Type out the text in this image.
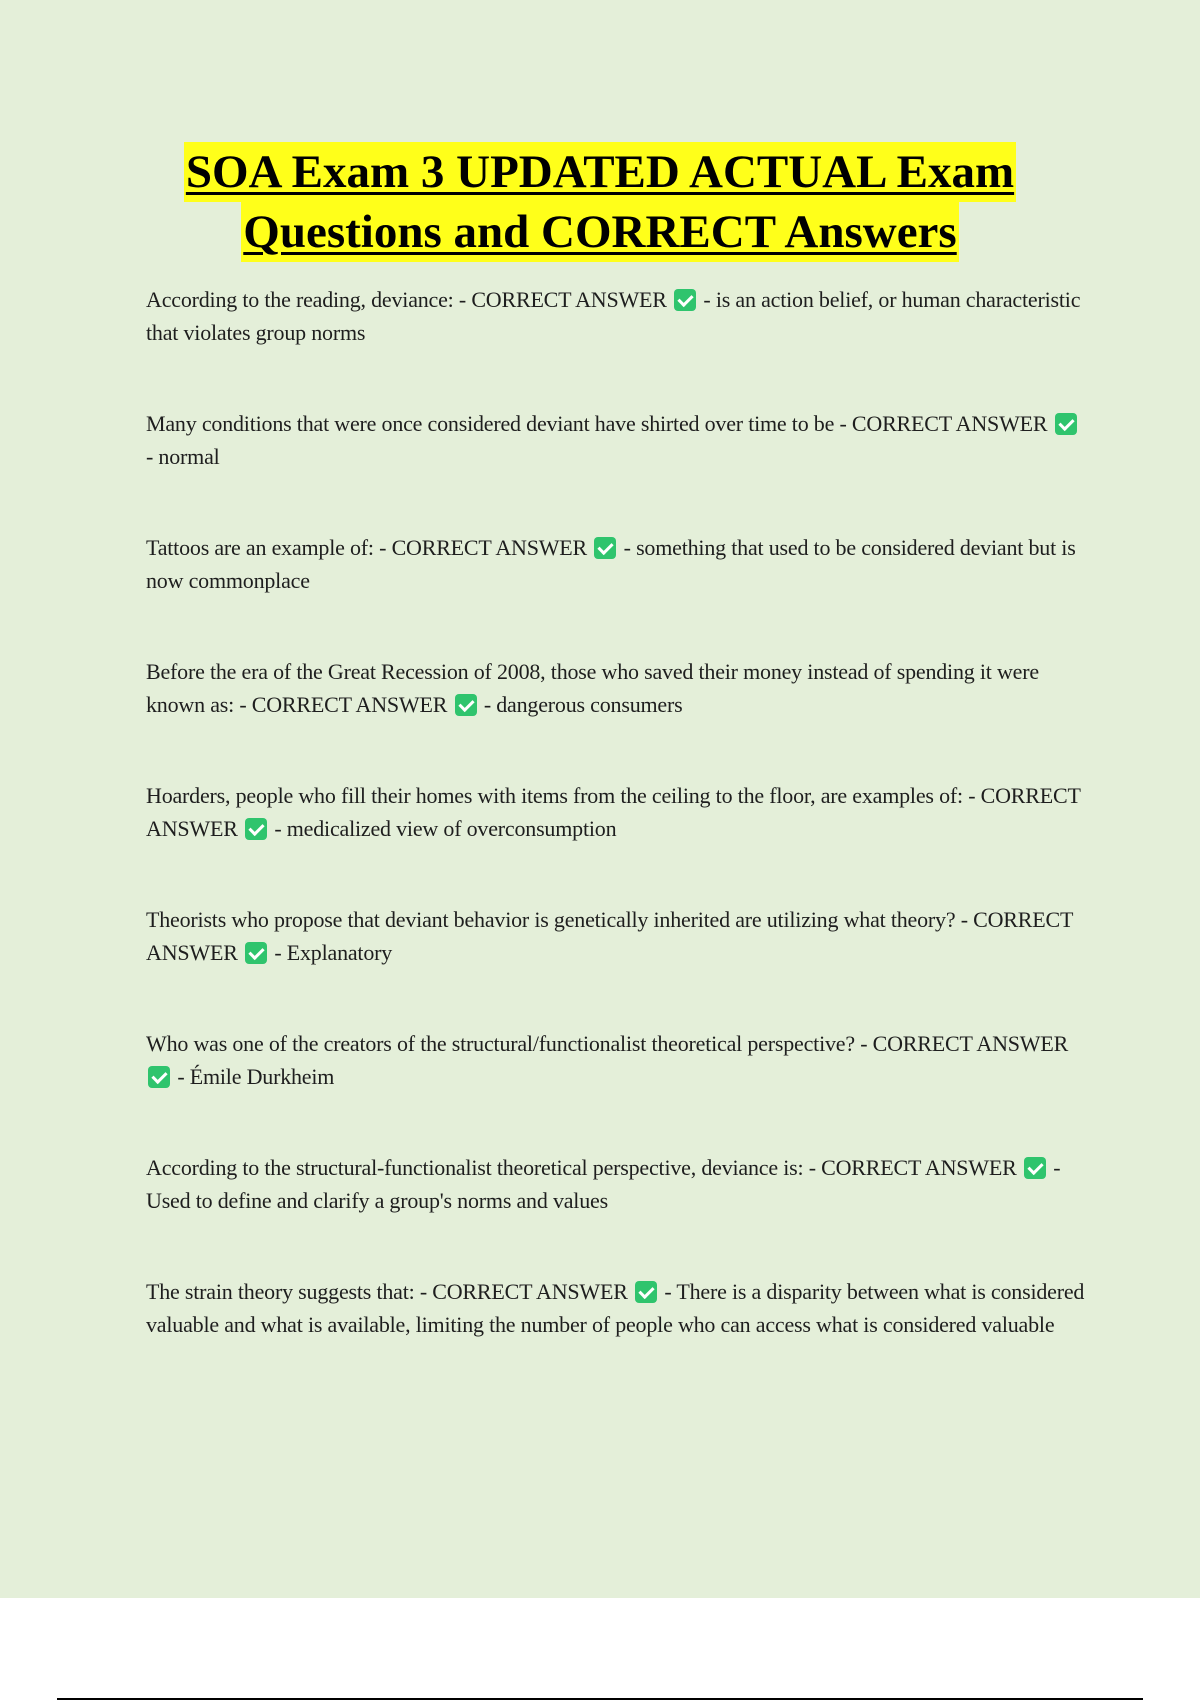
SOA Exam 3 UPDATED ACTUAL Exam
Questions and CORRECT Answers

According to the reading, deviance: - CORRECT ANSWER - is an action belief, or human characteristic that violates group norms

Many conditions that were once considered deviant have shirted over time to be - CORRECT ANSWER  - normal

Tattoos are an example of: - CORRECT ANSWER - something that used to be considered deviant but is now commonplace

Before the era of the Great Recession of 2008, those who saved their money instead of spending it were known as: - CORRECT ANSWER - dangerous consumers

Hoarders, people who fill their homes with items from the ceiling to the floor, are examples of: - CORRECT ANSWER - medicalized view of overconsumption

Theorists who propose that deviant behavior is genetically inherited are utilizing what theory? - CORRECT ANSWER - Explanatory

Who was one of the creators of the structural/functionalist theoretical perspective? - CORRECT ANSWER  - Émile Durkheim

According to the structural-functionalist theoretical perspective, deviance is: - CORRECT ANSWER - Used to define and clarify a group's norms and values

The strain theory suggests that: - CORRECT ANSWER - There is a disparity between what is considered valuable and what is available, limiting the number of people who can access what is considered valuable
